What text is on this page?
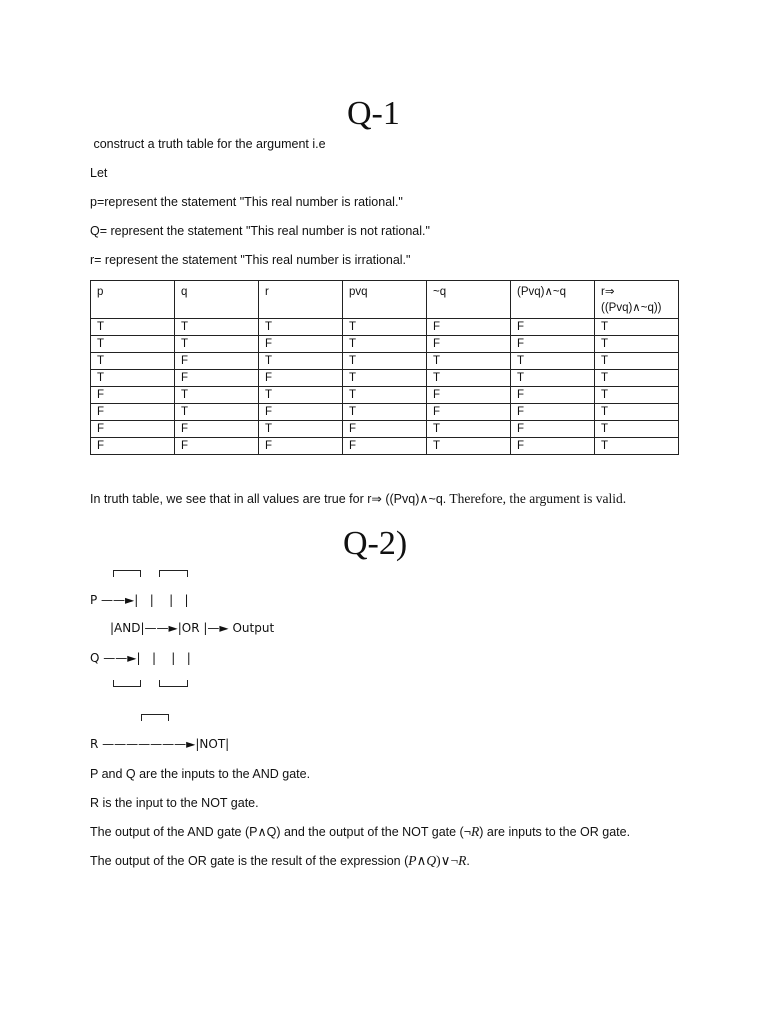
Q-1
construct a truth table for the argument i.e
Let
p=represent the statement "This real number is rational."
Q= represent the statement "This real number is not rational."
r= represent the statement "This real number is irrational."
p	q	r	pvq	~q	(Pvq)∧~q	r⇒ ((Pvq)∧~q))
T	T	T	T	F	F	T
T	T	F	T	F	F	T
T	F	T	T	T	T	T
T	F	F	T	T	T	T
F	T	T	T	F	F	T
F	T	F	T	F	F	T
F	F	T	F	T	F	T
F	F	F	F	T	F	T
In truth table, we see that in all values are true for r⇒ ((Pvq)∧~q. Therefore, the argument is valid.
Q-2)
P ——►|   |    |   |
|AND|——►|OR |—► Output
Q ——►|   |    |   |
R ———————►|NOT|
P and Q are the inputs to the AND gate.
R is the input to the NOT gate.
The output of the AND gate (P∧Q) and the output of the NOT gate (¬R) are inputs to the OR gate.
The output of the OR gate is the result of the expression (P∧Q)∨¬R.
